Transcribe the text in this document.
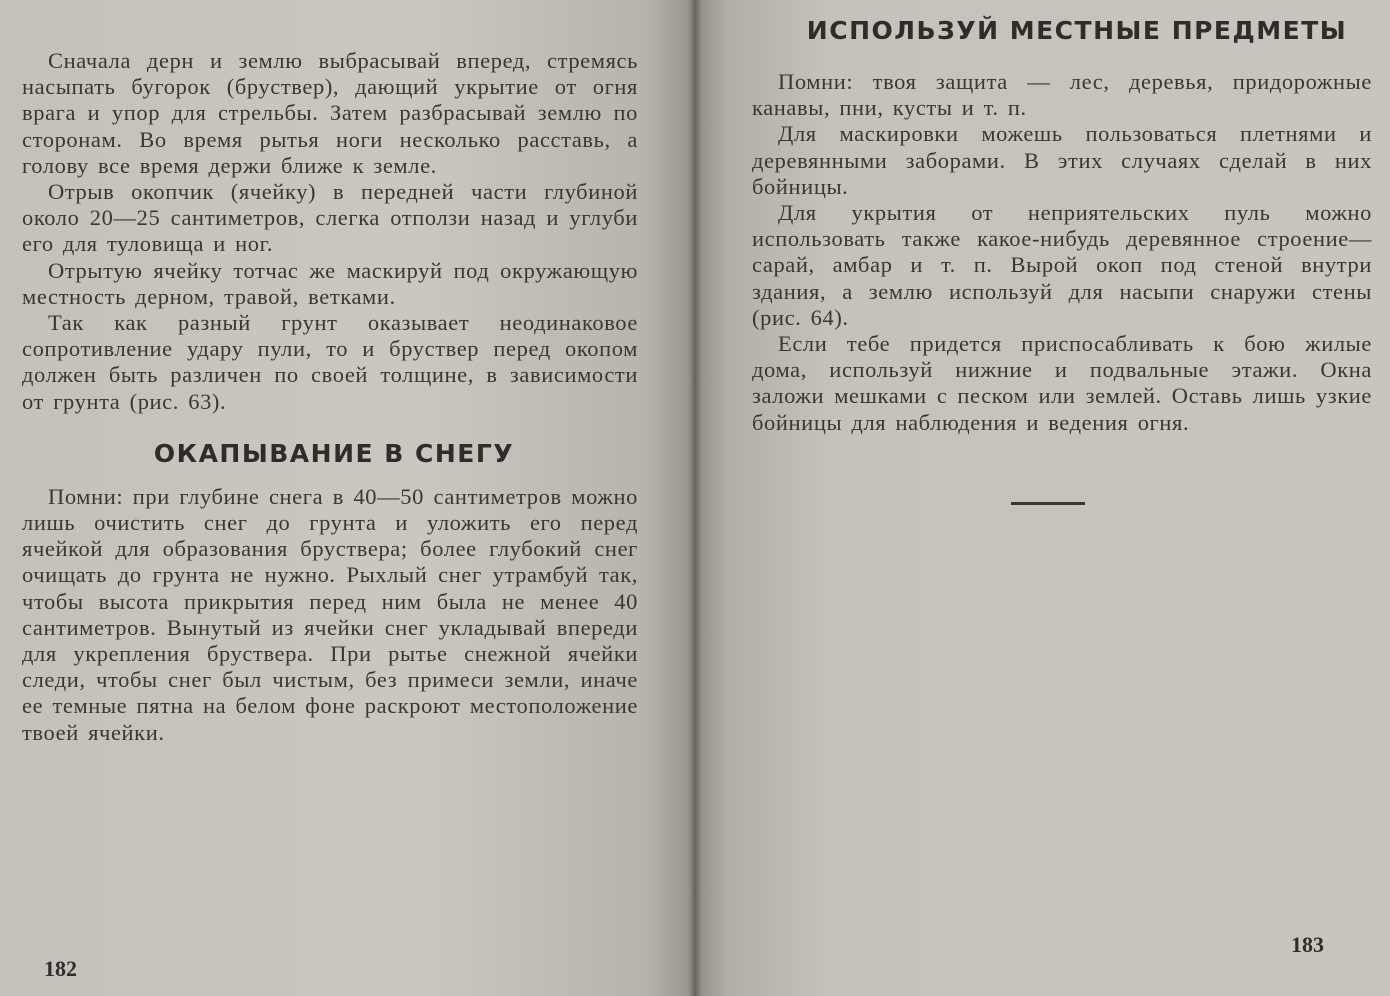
Сначала дерн и землю выбрасывай вперед, стремясь насыпать бугорок (бруствер), дающий укрытие от огня врага и упор для стрельбы. Затем разбрасывай землю по сторонам. Во время рытья ноги несколько расставь, а голову все время держи ближе к земле.

Отрыв окопчик (ячейку) в передней части глубиной около 20—25 сантиметров, слегка отползи назад и углуби его для туловища и ног.

Отрытую ячейку тотчас же маскируй под окружающую местность дерном, травой, ветками.

Так как разный грунт оказывает неодинаковое сопротивление удару пули, то и бруствер перед окопом должен быть различен по своей толщине, в зависимости от грунта (рис. 63).

ОКАПЫВАНИЕ В СНЕГУ

Помни: при глубине снега в 40—50 сантиметров можно лишь очистить снег до грунта и уложить его перед ячейкой для образования бруствера; более глубокий снег очищать до грунта не нужно. Рыхлый снег утрамбуй так, чтобы высота прикрытия перед ним была не менее 40 сантиметров. Вынутый из ячейки снег укладывай впереди для укрепления бруствера. При рытье снежной ячейки следи, чтобы снег был чистым, без примеси земли, иначе ее темные пятна на белом фоне раскроют местоположение твоей ячейки.

182
ИСПОЛЬЗУЙ МЕСТНЫЕ ПРЕДМЕТЫ

Помни: твоя защита — лес, деревья, придорожные канавы, пни, кусты и т. п.

Для маскировки можешь пользоваться плетнями и деревянными заборами. В этих случаях сделай в них бойницы.

Для укрытия от неприятельских пуль можно использовать также какое-нибудь деревянное строение—сарай, амбар и т. п. Вырой окоп под стеной внутри здания, а землю используй для насыпи снаружи стены (рис. 64).

Если тебе придется приспосабливать к бою жилые дома, используй нижние и подвальные этажи. Окна заложи мешками с песком или землей. Оставь лишь узкие бойницы для наблюдения и ведения огня.

183
